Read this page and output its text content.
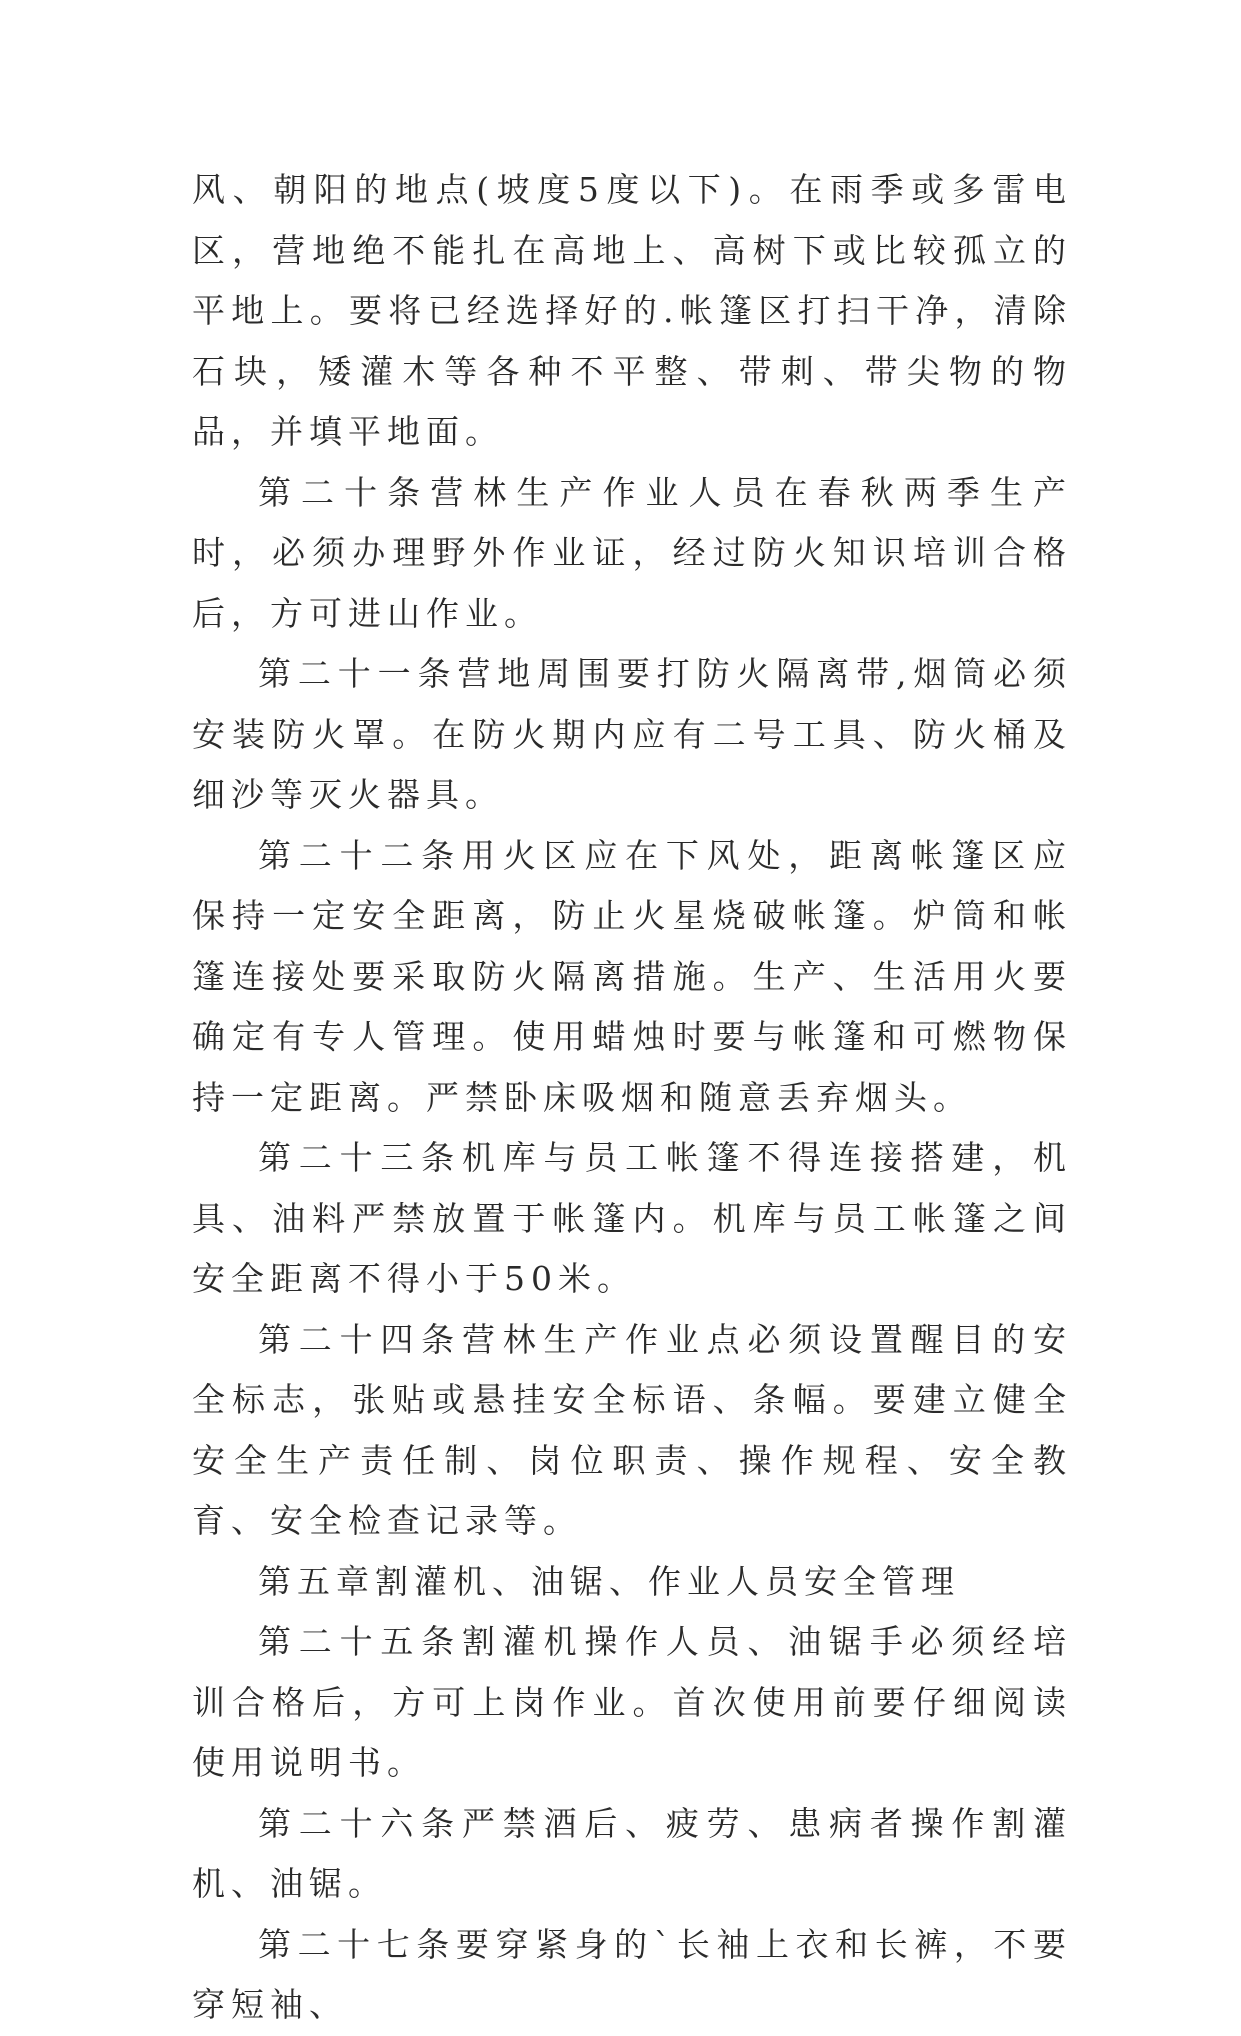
风、朝阳的地点(坡度5度以下)。在雨季或多雷电区，营地绝不能扎在高地上、高树下或比较孤立的平地上。要将已经选择好的.帐篷区打扫干净，清除石块，矮灌木等各种不平整、带刺、带尖物的物品，并填平地面。

第二十条营林生产作业人员在春秋两季生产时，必须办理野外作业证，经过防火知识培训合格后，方可进山作业。

第二十一条营地周围要打防火隔离带,烟筒必须安装防火罩。在防火期内应有二号工具、防火桶及细沙等灭火器具。

第二十二条用火区应在下风处，距离帐篷区应保持一定安全距离，防止火星烧破帐篷。炉筒和帐篷连接处要采取防火隔离措施。生产、生活用火要确定有专人管理。使用蜡烛时要与帐篷和可燃物保持一定距离。严禁卧床吸烟和随意丢弃烟头。

第二十三条机库与员工帐篷不得连接搭建，机具、油料严禁放置于帐篷内。机库与员工帐篷之间安全距离不得小于50米。

第二十四条营林生产作业点必须设置醒目的安全标志，张贴或悬挂安全标语、条幅。要建立健全安全生产责任制、岗位职责、操作规程、安全教育、安全检查记录等。

第五章割灌机、油锯、作业人员安全管理

第二十五条割灌机操作人员、油锯手必须经培训合格后，方可上岗作业。首次使用前要仔细阅读使用说明书。

第二十六条严禁酒后、疲劳、患病者操作割灌机、油锯。

第二十七条要穿紧身的`长袖上衣和长裤，不要穿短袖、
